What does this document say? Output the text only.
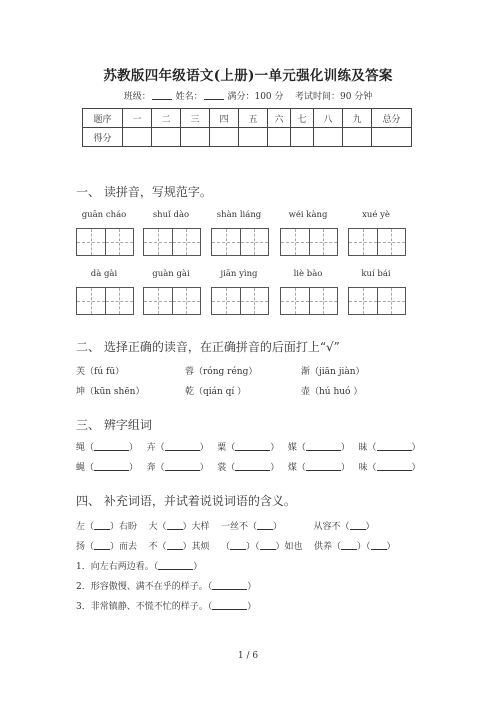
苏教版四年级语文(上册)一单元强化训练及答案
班级：	姓名：	满分：100 分 考试时间：90 分钟
题序	一	二	三	四	五	六	七	八	九	总分
得分										
一、 读拼音，写规范字。
guān cháo	shuǐ dào	shàn liáng	wéi kàng	xué yè
dà gài	guàn gài	jiān yìng	liè bào	kuí bái
二、 选择正确的读音，在正确拼音的后面打上“√”
芙（fú fū）	蓉（róng réng）	渐（jiān jiàn）
坤（kūn shēn）	乾（qián qí ）	壶（hú huó ）
三、 辨字组词
绳（	）   卉（	）   粟（	）   媒（	）   昧（	）
蝇（	）   奔（	）   裳（	）   煤（	）   味（	）
四、 补充词语，并试着说说词语的含义。
左（ ）右盼 大（ ）大样 一丝不（ ）	从容不（ ）
扬（ ）而去 不（ ）其烦 （ ）（ ）如也 供养（ ）（ ）
1．向左右两边看。（	）
2．形容傲慢、满不在乎的样子。（	）
3．非常镇静、不慌不忙的样子。（	）
1 / 6
